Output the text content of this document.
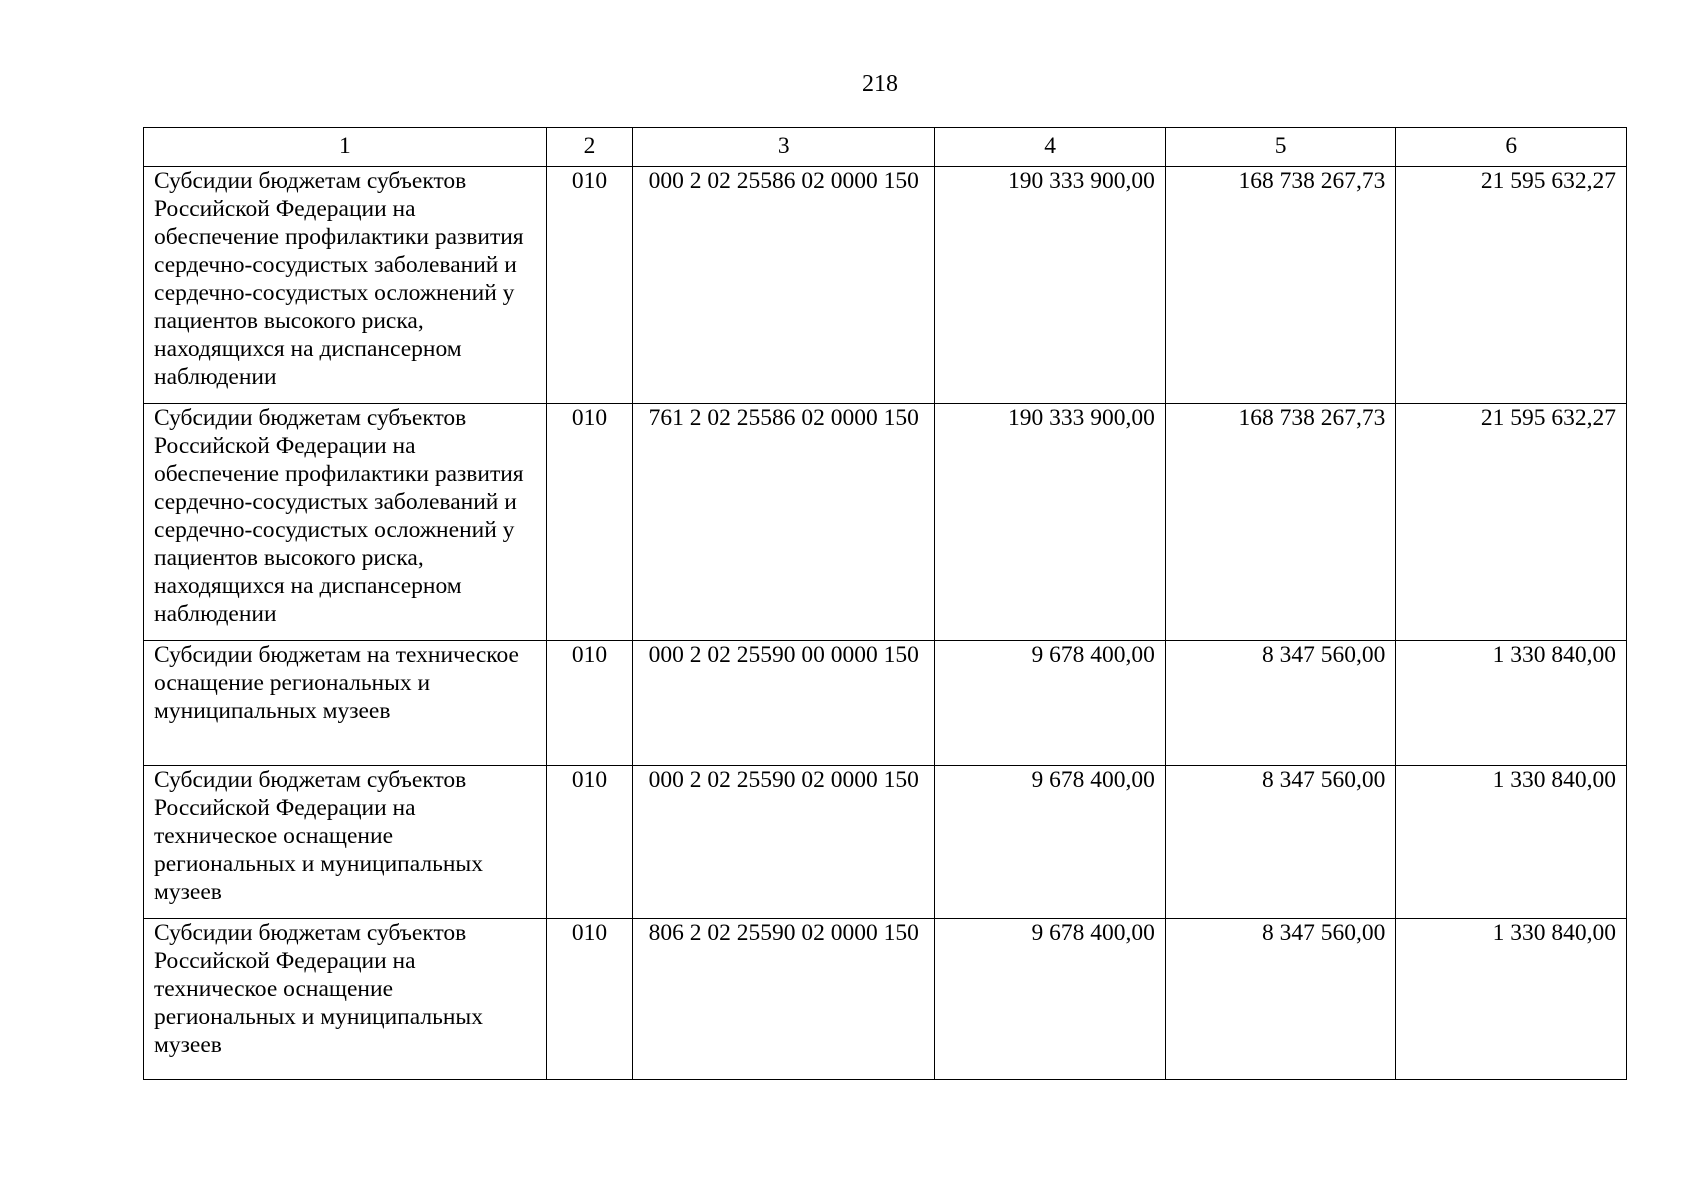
218
1	2	3	4	5	6
Субсидии бюджетам субъектов Российской Федерации на обеспечение профилактики развития сердечно-сосудистых заболеваний и сердечно-сосудистых осложнений у пациентов высокого риска, находящихся на диспансерном наблюдении	010	000 2 02 25586 02 0000 150	190 333 900,00	168 738 267,73	21 595 632,27
Субсидии бюджетам субъектов Российской Федерации на обеспечение профилактики развития сердечно-сосудистых заболеваний и сердечно-сосудистых осложнений у пациентов высокого риска, находящихся на диспансерном наблюдении	010	761 2 02 25586 02 0000 150	190 333 900,00	168 738 267,73	21 595 632,27
Субсидии бюджетам на техническое оснащение региональных и муниципальных музеев	010	000 2 02 25590 00 0000 150	9 678 400,00	8 347 560,00	1 330 840,00
Субсидии бюджетам субъектов Российской Федерации на техническое оснащение региональных и муниципальных музеев	010	000 2 02 25590 02 0000 150	9 678 400,00	8 347 560,00	1 330 840,00
Субсидии бюджетам субъектов Российской Федерации на техническое оснащение региональных и муниципальных музеев	010	806 2 02 25590 02 0000 150	9 678 400,00	8 347 560,00	1 330 840,00
